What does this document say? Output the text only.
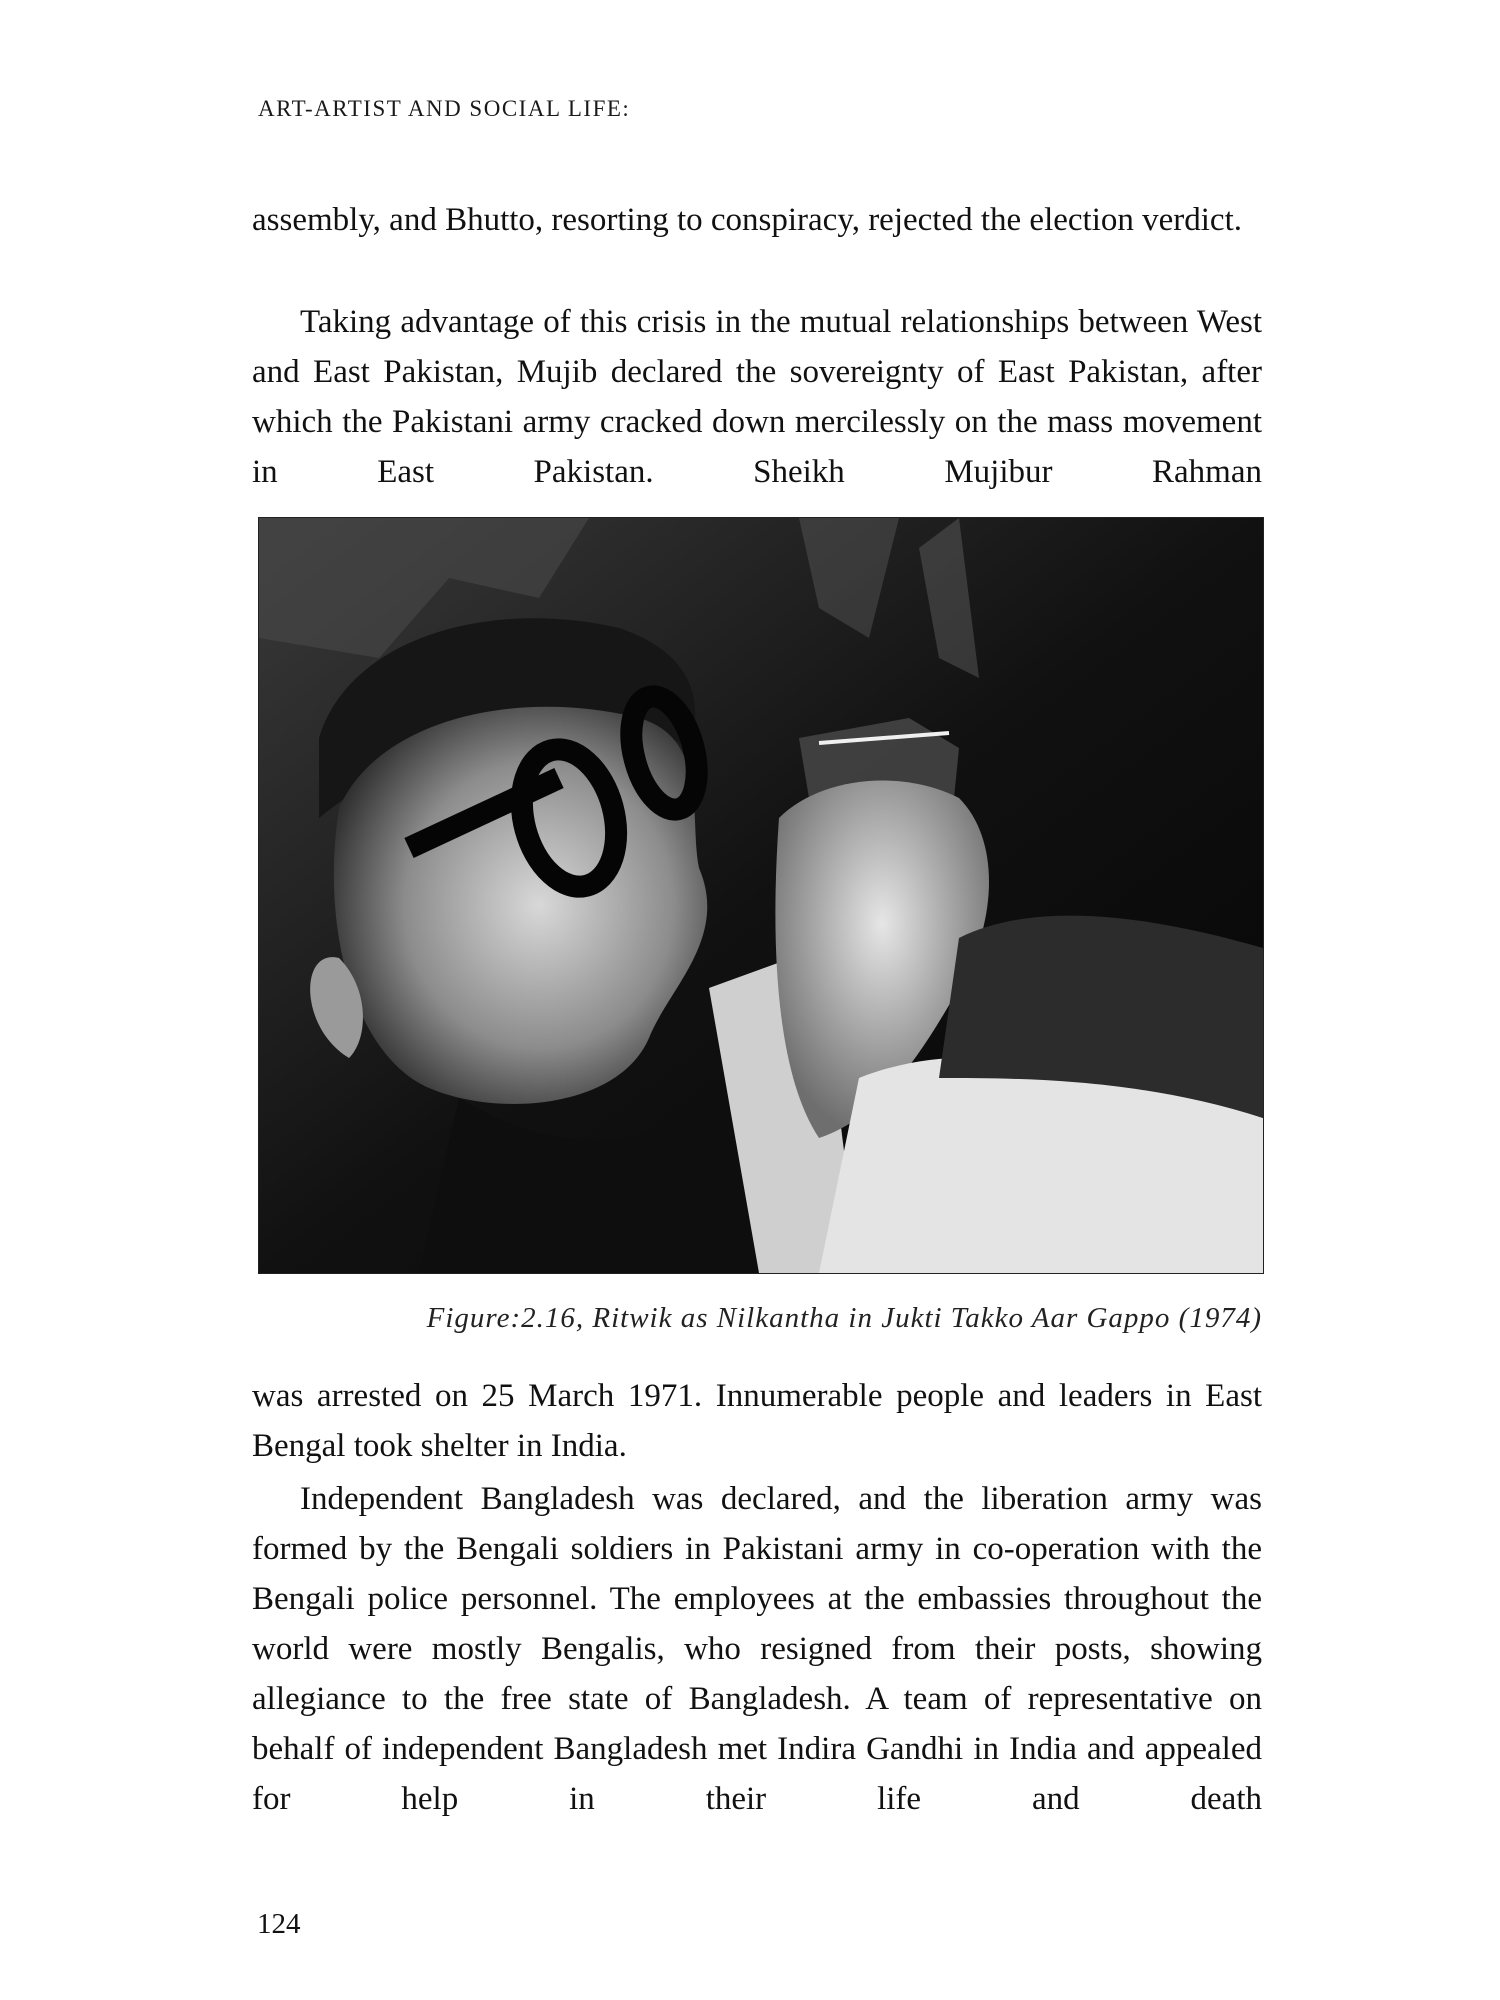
ART-ARTIST AND SOCIAL LIFE:

assembly, and Bhutto, resorting to conspiracy, rejected the election verdict.

Taking advantage of this crisis in the mutual relationships between West and East Pakistan, Mujib declared the sovereignty of East Pakistan, after which the Pakistani army cracked down mercilessly on the mass movement in East Pakistan. Sheikh Mujibur Rahman

Figure:2.16, Ritwik as Nilkantha in Jukti Takko Aar Gappo (1974)

was arrested on 25 March 1971. Innumerable people and leaders in East Bengal took shelter in India.

Independent Bangladesh was declared, and the liberation army was formed by the Bengali soldiers in Pakistani army in co-operation with the Bengali police personnel. The employees at the embassies throughout the world were mostly Bengalis, who resigned from their posts, showing allegiance to the free state of Bangladesh. A team of representative on behalf of independent Bangladesh met Indira Gandhi in India and appealed for help in their life and death

124
